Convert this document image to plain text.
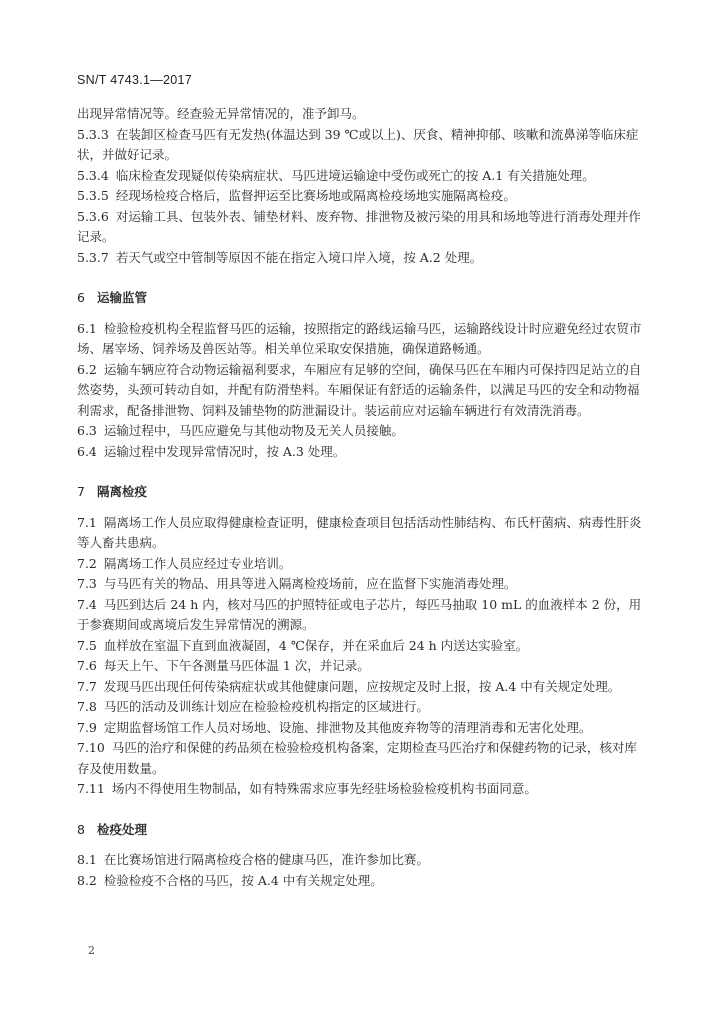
SN/T 4743.1—2017

出现异常情况等。经查验无异常情况的，准予卸马。

5.3.3 在装卸区检查马匹有无发热(体温达到 39 ℃或以上)、厌食、精神抑郁、咳嗽和流鼻涕等临床症状，并做好记录。

5.3.4 临床检查发现疑似传染病症状、马匹进境运输途中受伤或死亡的按 A.1 有关措施处理。

5.3.5 经现场检疫合格后，监督押运至比赛场地或隔离检疫场地实施隔离检疫。

5.3.6 对运输工具、包装外表、铺垫材料、废弃物、排泄物及被污染的用具和场地等进行消毒处理并作记录。

5.3.7 若天气或空中管制等原因不能在指定入境口岸入境，按 A.2 处理。

6 运输监管

6.1 检验检疫机构全程监督马匹的运输，按照指定的路线运输马匹，运输路线设计时应避免经过农贸市场、屠宰场、饲养场及兽医站等。相关单位采取安保措施，确保道路畅通。

6.2 运输车辆应符合动物运输福利要求，车厢应有足够的空间，确保马匹在车厢内可保持四足站立的自然姿势，头颈可转动自如，并配有防滑垫料。车厢保证有舒适的运输条件，以满足马匹的安全和动物福利需求，配备排泄物、饲料及铺垫物的防泄漏设计。装运前应对运输车辆进行有效清洗消毒。

6.3 运输过程中，马匹应避免与其他动物及无关人员接触。

6.4 运输过程中发现异常情况时，按 A.3 处理。

7 隔离检疫

7.1 隔离场工作人员应取得健康检查证明，健康检查项目包括活动性肺结构、布氏杆菌病、病毒性肝炎等人畜共患病。

7.2 隔离场工作人员应经过专业培训。

7.3 与马匹有关的物品、用具等进入隔离检疫场前，应在监督下实施消毒处理。

7.4 马匹到达后 24 h 内，核对马匹的护照特征或电子芯片，每匹马抽取 10 mL 的血液样本 2 份，用于参赛期间或离境后发生异常情况的溯源。

7.5 血样放在室温下直到血液凝固，4 ℃保存，并在采血后 24 h 内送达实验室。

7.6 每天上午、下午各测量马匹体温 1 次，并记录。

7.7 发现马匹出现任何传染病症状或其他健康问题，应按规定及时上报，按 A.4 中有关规定处理。

7.8 马匹的活动及训练计划应在检验检疫机构指定的区域进行。

7.9 定期监督场馆工作人员对场地、设施、排泄物及其他废弃物等的清理消毒和无害化处理。

7.10 马匹的治疗和保健的药品须在检验检疫机构备案，定期检查马匹治疗和保健药物的记录，核对库存及使用数量。

7.11 场内不得使用生物制品，如有特殊需求应事先经驻场检验检疫机构书面同意。

8 检疫处理

8.1 在比赛场馆进行隔离检疫合格的健康马匹，准许参加比赛。

8.2 检验检疫不合格的马匹，按 A.4 中有关规定处理。

2
